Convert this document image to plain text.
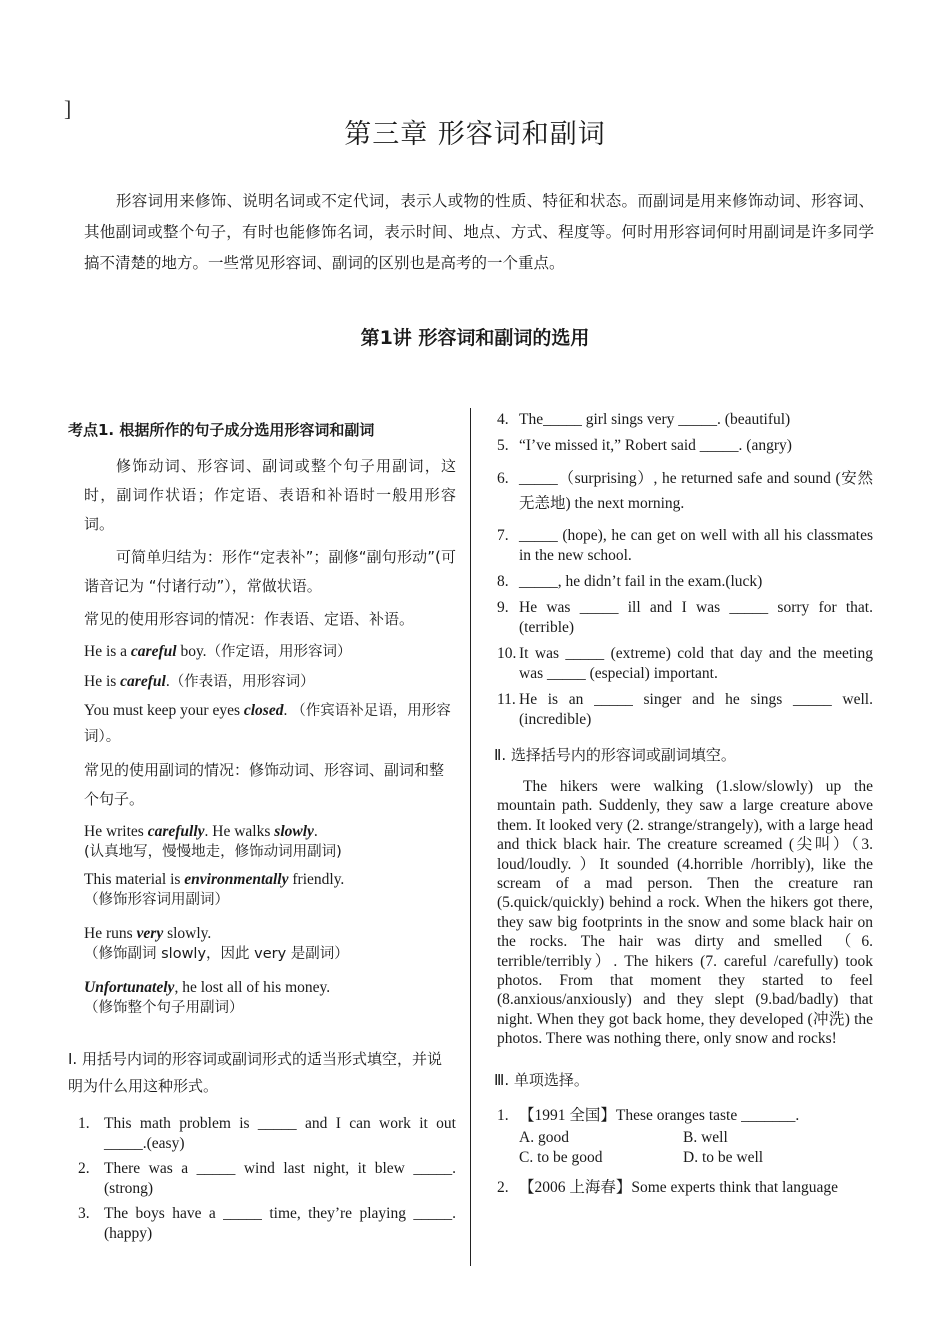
]
第三章 形容词和副词
形容词用来修饰、说明名词或不定代词，表示人或物的性质、特征和状态。而副词是用来修饰动词、形容词、其他副词或整个句子，有时也能修饰名词，表示时间、地点、方式、程度等。何时用形容词何时用副词是许多同学搞不清楚的地方。一些常见形容词、副词的区别也是高考的一个重点。
第1讲 形容词和副词的选用
考点1. 根据所作的句子成分选用形容词和副词
修饰动词、形容词、副词或整个句子用副词，这时，副词作状语；作定语、表语和补语时一般用形容词。
可简单归结为：形作“定表补”；副修“副句形动”(可谐音记为 “付诸行动”），常做状语。
常见的使用形容词的情况：作表语、定语、补语。
He is a careful boy.（作定语，用形容词）
He is careful.（作表语，用形容词）
You must keep your eyes closed. （作宾语补足语，用形容词）。
常见的使用副词的情况：修饰动词、形容词、副词和整个句子。
He writes carefully. He walks slowly.
(认真地写，慢慢地走，修饰动词用副词)
This material is environmentally friendly.
（修饰形容词用副词）
He runs very slowly.
（修饰副词 slowly，因此 very 是副词）
Unfortunately, he lost all of his money.
（修饰整个句子用副词）
Ⅰ. 用括号内词的形容词或副词形式的适当形式填空，并说明为什么用这种形式。
1. This math problem is _____ and I can work it out _____.(easy)
2. There was a _____ wind last night, it blew _____.(strong)
3. The boys have a _____ time, they’re playing _____.(happy)
4. The_____ girl sings very _____. (beautiful)
5. “I’ve missed it,” Robert said _____. (angry)
6. _____（surprising）, he returned safe and sound (安然无恙地) the next morning.
7. _____ (hope), he can get on well with all his classmates in the new school.
8. _____, he didn’t fail in the exam.(luck)
9. He was _____ ill and I was _____ sorry for that.(terrible)
10. It was _____ (extreme) cold that day and the meeting was _____ (especial) important.
11. He is an _____ singer and he sings _____ well.(incredible)
Ⅱ. 选择括号内的形容词或副词填空。
The hikers were walking (1.slow/slowly) up the mountain path. Suddenly, they saw a large creature above them. It looked very (2. strange/strangely), with a large head and thick black hair. The creature screamed (尖叫）（3. loud/loudly. ）It sounded (4.horrible /horribly), like the scream of a mad person. Then the creature ran (5.quick/quickly) behind a rock. When the hikers got there, they saw big footprints in the snow and some black hair on the rocks. The hair was dirty and smelled （6. terrible/terribly）. The hikers (7. careful /carefully) took photos. From that moment they started to feel (8.anxious/anxiously) and they slept (9.bad/badly) that night. When they got back home, they developed (冲洗) the photos. There was nothing there, only snow and rocks!
Ⅲ. 单项选择。
1. 【1991 全国】These oranges taste _______.
A. good	B. well
C. to be good	D. to be well
2. 【2006 上海春】Some experts think that language
